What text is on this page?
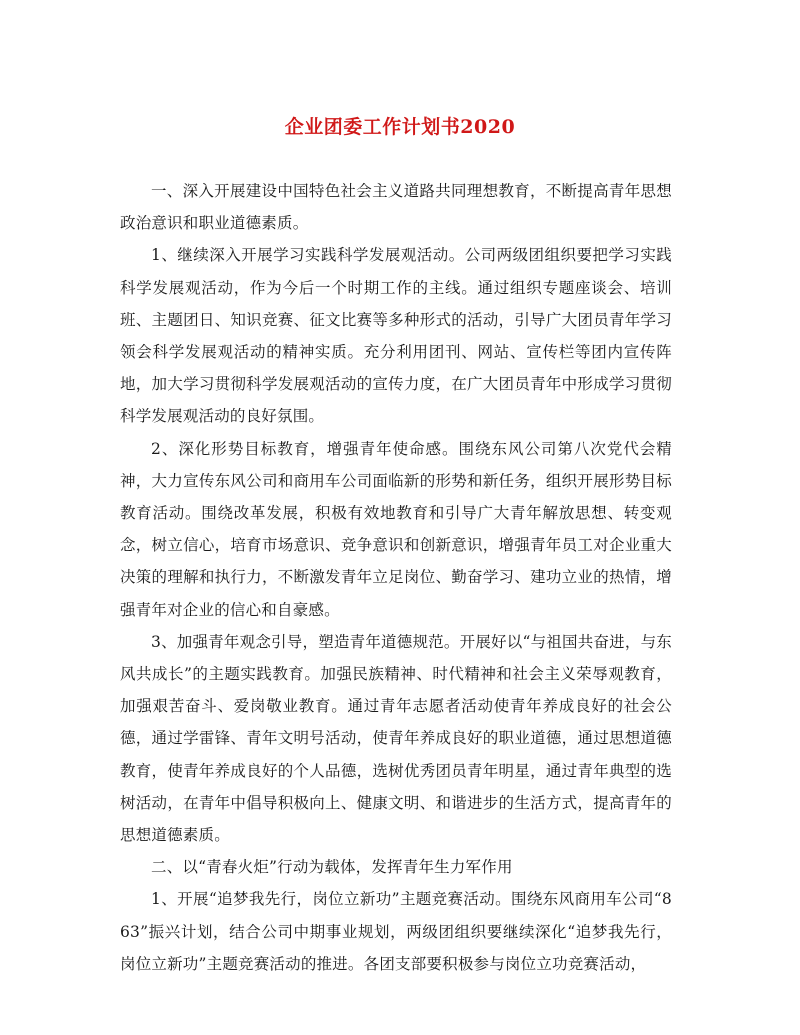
企业团委工作计划书2020

一、深入开展建设中国特色社会主义道路共同理想教育，不断提高青年思想政治意识和职业道德素质。

1、继续深入开展学习实践科学发展观活动。公司两级团组织要把学习实践科学发展观活动，作为今后一个时期工作的主线。通过组织专题座谈会、培训班、主题团日、知识竞赛、征文比赛等多种形式的活动，引导广大团员青年学习领会科学发展观活动的精神实质。充分利用团刊、网站、宣传栏等团内宣传阵地，加大学习贯彻科学发展观活动的宣传力度，在广大团员青年中形成学习贯彻科学发展观活动的良好氛围。

2、深化形势目标教育，增强青年使命感。围绕东风公司第八次党代会精神，大力宣传东风公司和商用车公司面临新的形势和新任务，组织开展形势目标教育活动。围绕改革发展，积极有效地教育和引导广大青年解放思想、转变观念，树立信心，培育市场意识、竞争意识和创新意识，增强青年员工对企业重大决策的理解和执行力，不断激发青年立足岗位、勤奋学习、建功立业的热情，增强青年对企业的信心和自豪感。

3、加强青年观念引导，塑造青年道德规范。开展好以“与祖国共奋进，与东风共成长”的主题实践教育。加强民族精神、时代精神和社会主义荣辱观教育，加强艰苦奋斗、爱岗敬业教育。通过青年志愿者活动使青年养成良好的社会公德，通过学雷锋、青年文明号活动，使青年养成良好的职业道德，通过思想道德教育，使青年养成良好的个人品德，选树优秀团员青年明星，通过青年典型的选树活动，在青年中倡导积极向上、健康文明、和谐进步的生活方式，提高青年的思想道德素质。

二、以“青春火炬”行动为载体，发挥青年生力军作用

1、开展“追梦我先行，岗位立新功”主题竞赛活动。围绕东风商用车公司“863”振兴计划，结合公司中期事业规划，两级团组织要继续深化“追梦我先行，岗位立新功”主题竞赛活动的推进。各团支部要积极参与岗位立功竞赛活动，
